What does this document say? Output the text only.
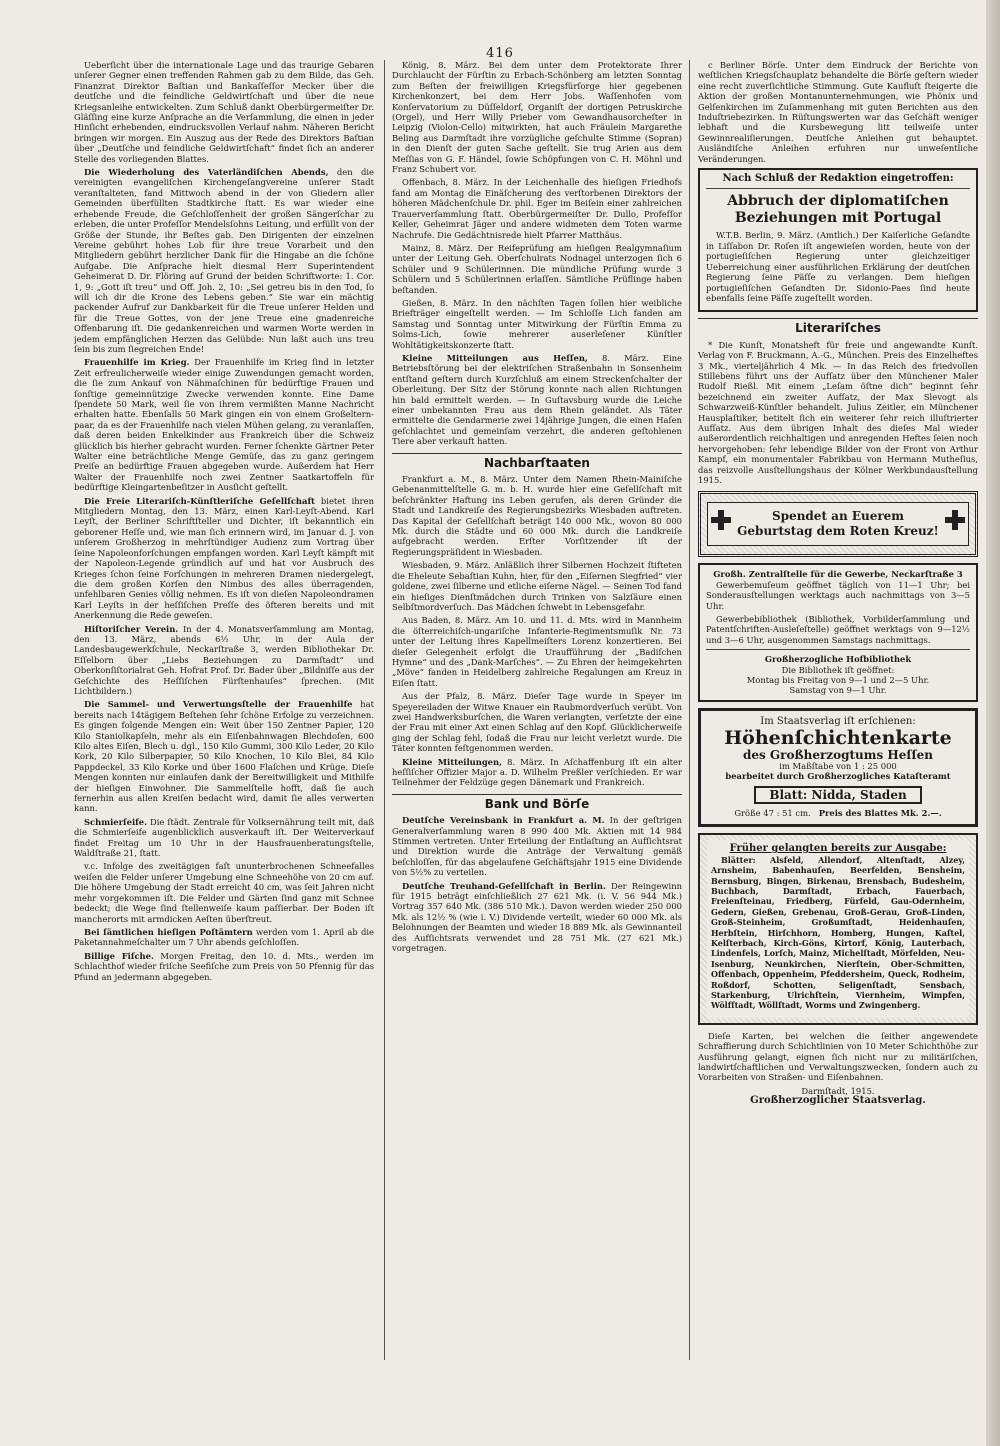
416

Ueberſicht über die internationale Lage und das traurige Gebaren unſerer Gegner einen treffenden Rahmen gab zu dem Bilde, das Geh. Finanzrat Direktor Baſtian und Bankaſſeſſor Mecker über die deutſche und die feindliche Geldwirtſchaft und über die neue Kriegsanleihe entwickelten. Zum Schluß dankt Oberbürgermeiſter Dr. Gläſſing eine kurze Anſprache an die Verſammlung, die einen in jeder Hinſicht erhebenden, eindrucksvollen Verlauf nahm. Näheren Bericht bringen wir morgen. Ein Auszug aus der Rede des Direktors Baſtian über „Deutſche und feindliche Geldwirtſchaft“ findet ſich an anderer Stelle des vorliegenden Blattes.

Die Wiederholung des Vaterländiſchen Abends, den die vereinigten evangeliſchen Kirchengeſangvereine unſerer Stadt veranſtalteten, fand Mittwoch abend in der von Gliedern aller Gemeinden überfüllten Stadtkirche ſtatt. Es war wieder eine erhebende Freude, die Geſchloſſenheit der großen Sängerſchar zu erleben, die unter Profeſſor Mendelsſohns Leitung, und erfüllt von der Größe der Stunde, ihr Beſtes gab. Den Dirigenten der einzelnen Vereine gebührt hohes Lob für ihre treue Vorarbeit und den Mitgliedern gebührt herzlicher Dank für die Hingabe an die ſchöne Aufgabe. Die Anſprache hielt diesmal Herr Superintendent Geheimerat D. Dr. Flöring auf Grund der beiden Schriftworte: 1. Cor. 1, 9: „Gott iſt treu“ und Off. Joh. 2, 10: „Sei getreu bis in den Tod, ſo will ich dir die Krone des Lebens geben.“ Sie war ein mächtig packender Aufruf zur Dankbarkeit für die Treue unſerer Helden und für die Treue Gottes, von der jene Treue eine gnadenreiche Offenbarung iſt. Die gedankenreichen und warmen Worte werden in jedem empfänglichen Herzen das Gelübde: Nun laßt auch uns treu ſein bis zum ſiegreichen Ende!

Frauenhilfe im Krieg. Der Frauenhilfe im Krieg ſind in letzter Zeit erfreulicherweiſe wieder einige Zuwendungen gemacht worden, die ſie zum Ankauf von Nähmaſchinen für bedürftige Frauen und ſonſtige gemeinnützige Zwecke verwenden konnte. Eine Dame ſpendete 50 Mark, weil ſie von ihrem vermißten Manne Nachricht erhalten hatte. Ebenſalls 50 Mark gingen ein von einem Großelternpaar, da es der Frauenhilfe nach vielen Mühen gelang, zu veranlaſſen, daß deren beiden Enkelkinder aus Frankreich über die Schweiz glücklich bis hierher gebracht wurden. Ferner ſchenkte Gärtner Peter Walter eine beträchtliche Menge Gemüſe, das zu ganz geringem Preiſe an bedürftige Frauen abgegeben wurde. Außerdem hat Herr Walter der Frauenhilfe noch zwei Zentner Saatkartoffeln für bedürftige Kleingartenbeſitzer in Ausſicht geſtellt.

Die Freie Literariſch-Künſtleriſche Geſellſchaft bietet ihren Mitgliedern Montag, den 13. März, einen Karl-Leyſt-Abend. Karl Leyſt, der Berliner Schriftſteller und Dichter, iſt bekanntlich ein geborener Heſſe und, wie man ſich erinnern wird, im Januar d. J. von unſerem Großherzog in mehrſtündiger Audienz zum Vortrag über ſeine Napoleonforſchungen empfangen worden. Karl Leyſt kämpft mit der Napoleon-Legende gründlich auf und hat vor Ausbruch des Krieges ſchon ſeine Forſchungen in mehreren Dramen niedergelegt, die dem großen Korſen den Nimbus des alles überragenden, unfehlbaren Genies völlig nehmen. Es iſt von dieſen Napoleondramen Karl Leyſts in der heſſiſchen Preſſe des öfteren bereits und mit Anerkennung die Rede geweſen.

Hiſtoriſcher Verein. In der 4. Monatsverſammlung am Montag, den 13. März, abends 6½ Uhr, in der Aula der Landesbaugewerkſchule, Neckarſtraße 3, werden Bibliothekar Dr. Eſſelborn über „Liebs Beziehungen zu Darmſtadt“ und Oberkonſiſtorialrat Geh. Hofrat Prof. Dr. Bader über „Bildniſſe aus der Geſchichte des Heſſiſchen Fürſtenhauſes“ ſprechen. (Mit Lichtbildern.)

Die Sammel- und Verwertungsſtelle der Frauenhilfe hat bereits nach 14tägigem Beſtehen ſehr ſchöne Erfolge zu verzeichnen. Es gingen folgende Mengen ein: Weit über 150 Zentner Papier, 120 Kilo Staniolkapſeln, mehr als ein Eiſenbahnwagen Blechdoſen, 600 Kilo altes Eiſen, Blech u. dgl., 150 Kilo Gummi, 300 Kilo Leder, 20 Kilo Kork, 20 Kilo Silberpapier, 50 Kilo Knochen, 10 Kilo Blei, 84 Kilo Pappdeckel, 33 Kilo Korke und über 1600 Flaſchen und Krüge. Dieſe Mengen konnten nur einlaufen dank der Bereitwilligkeit und Mithilfe der hieſigen Einwohner. Die Sammelſtelle hofft, daß ſie auch fernerhin aus allen Kreiſen bedacht wird, damit ſie alles verwerten kann.

Schmierſeife. Die ſtädt. Zentrale für Volksernährung teilt mit, daß die Schmierſeife augenblicklich ausverkauft iſt. Der Weiterverkauf findet Freitag um 10 Uhr in der Hausfrauenberatungsſtelle, Waldſtraße 21, ſtatt.

v.c. Infolge des zweitägigen faſt ununterbrochenen Schneefalles weiſen die Felder unſerer Umgebung eine Schneehöhe von 20 cm auf. Die höhere Umgebung der Stadt erreicht 40 cm, was ſeit Jahren nicht mehr vorgekommen iſt. Die Felder und Gärten ſind ganz mit Schnee bedeckt; die Wege ſind ſtellenweiſe kaum paſſierbar. Der Boden iſt mancherorts mit armdicken Aeſten überſtreut.

Bei ſämtlichen hieſigen Poſtämtern werden vom 1. April ab die Paketannahmeſchalter um 7 Uhr abends geſchloſſen.

Billige Fiſche. Morgen Freitag, den 10. d. Mts., werden im Schlachthof wieder friſche Seefiſche zum Preis von 50 Pfennig für das Pfund an jedermann abgegeben.

König, 8. März. Bei dem unter dem Protektorate Ihrer Durchlaucht der Fürſtin zu Erbach-Schönberg am letzten Sonntag zum Beſten der freiwilligen Kriegsfürſorge hier gegebenen Kirchenkonzert, bei dem Herr Jobs. Waſſenhofen vom Konſervatorium zu Düſſeldorf, Organiſt der dortigen Petruskirche (Orgel), und Herr Willy Prieber vom Gewandhausorcheſter in Leipzig (Violon-Cello) mitwirkten, hat auch Fräulein Margarethe Beling aus Darmſtadt ihre vorzügliche geſchulte Stimme (Sopran) in den Dienſt der guten Sache geſtellt. Sie trug Arien aus dem Meſſias von G. F. Händel, ſowie Schöpfungen von C. H. Möhnl und Franz Schubert vor.

Offenbach, 8. März. In der Leichenhalle des hieſigen Friedhofs fand am Montag die Einäſcherung des verſtorbenen Direktors der höheren Mädchenſchule Dr. phil. Eger im Beiſein einer zahlreichen Trauerverſammlung ſtatt. Oberbürgermeiſter Dr. Dullo, Profeſſor Keller, Geheimrat Jäger und andere widmeten dem Toten warme Nachrufe. Die Gedächtnisrede hielt Pfarrer Matthäus.

Mainz, 8. März. Der Reifeprüfung am hieſigen Realgymnaſium unter der Leitung Geh. Oberſchulrats Nodnagel unterzogen ſich 6 Schüler und 9 Schülerinnen. Die mündliche Prüfung wurde 3 Schülern und 5 Schülerinnen erlaſſen. Sämtliche Prüflinge haben beſtanden.

Gießen, 8. März. In den nächſten Tagen ſollen hier weibliche Briefträger eingeſtellt werden. — Im Schloſſe Lich fanden am Samstag und Sonntag unter Mitwirkung der Fürſtin Emma zu Solms-Lich, ſowie mehrerer auserleſener Künſtler Wohltätigkeitskonzerte ſtatt.

Kleine Mitteilungen aus Heſſen, 8. März. Eine Betriebsſtörung bei der elektriſchen Straßenbahn in Sonsenheim entſtand geſtern durch Kurzſchluß am einem Streckenſchalter der Oberleitung. Der Sitz der Störung konnte nach allen Richtungen hin bald ermittelt werden. — In Guſtavsburg wurde die Leiche einer unbekannten Frau aus dem Rhein geländet. Als Täter ermittelte die Gendarmerie zwei 14jährige Jungen, die einen Haſen geſchlachtet und gemeinſam verzehrt, die anderen geſtohlenen Tiere aber verkauft hatten.

Nachbarſtaaten

Frankfurt a. M., 8. März. Unter dem Namen Rhein-Mainiſche Gebenanmittelſtelle G. m. b. H. wurde hier eine Geſellſchaft mit beſchränkter Haftung ins Leben gerufen, als deren Gründer die Stadt und Landkreiſe des Regierungsbezirks Wiesbaden auftreten. Das Kapital der Geſellſchaft beträgt 140 000 Mk., wovon 80 000 Mk. durch die Städte und 60 000 Mk. durch die Landkreiſe aufgebracht werden. Erſter Vorſitzender iſt der Regierungspräſident in Wiesbaden.

Wiesbaden, 9. März. Anläßlich ihrer Silbernen Hochzeit ſtifteten die Eheleute Sebaſtian Kuhn, hier, für den „Eiſernen Siegfried“ vier goldene, zwei ſilberne und etliche eiſerne Nägel. — Seinen Tod fand ein hieſiges Dienſtmädchen durch Trinken von Salzſäure einen Selbſtmordverſuch. Das Mädchen ſchwebt in Lebensgefahr.

Aus Baden, 8. März. Am 10. und 11. d. Mts. wird in Mannheim die öſterreichiſch-ungariſche Infanterie-Regimentsmuſik Nr. 73 unter der Leitung ihres Kapellmeiſters Lorenz konzertieren. Bei dieſer Gelegenheit erfolgt die Uraufführung der „Badiſchen Hymne“ und des „Dank-Marſches“. — Zu Ehren der heimgekehrten „Möve“ fanden in Heidelberg zahlreiche Regalungen am Kreuz in Eiſen ſtatt.

Aus der Pfalz, 8. März. Dieſer Tage wurde in Speyer im Speyereiladen der Witwe Knauer ein Raubmordverſuch verübt. Von zwei Handwerksburſchen, die Waren verlangten, verſetzte der eine der Frau mit einer Axt einen Schlag auf den Kopf. Glücklicherweiſe ging der Schlag fehl, ſodaß die Frau nur leicht verletzt wurde. Die Täter konnten feſtgenommen werden.

Kleine Mitteilungen, 8. März. In Aſchaffenburg iſt ein alter heſſiſcher Offizier Major a. D. Wilhelm Preßler verſchieden. Er war Teilnehmer der Feldzüge gegen Dänemark und Frankreich.

Bank und Börſe

Deutſche Vereinsbank in Frankfurt a. M. In der geſtrigen Generalverſammlung waren 8 990 400 Mk. Aktien mit 14 984 Stimmen vertreten. Unter Erteilung der Entlaſtung an Aufſichtsrat und Direktion wurde die Anträge der Verwaltung gemäß beſchloſſen, für das abgelaufene Geſchäftsjahr 1915 eine Dividende von 5½% zu verteilen.

Deutſche Treuhand-Geſellſchaft in Berlin. Der Reingewinn für 1915 beträgt einſchließlich 27 621 Mk. (i. V. 56 944 Mk.) Vortrag 357 640 Mk. (386 510 Mk.). Davon werden wieder 250 000 Mk. als 12½ % (wie i. V.) Dividende verteilt, wieder 60 000 Mk. als Belohnungen der Beamten und wieder 18 889 Mk. als Gewinnanteil des Aufſichtsrats verwendet und 28 751 Mk. (27 621 Mk.) vorgetragen.

c Berliner Börſe. Unter dem Eindruck der Berichte von weſtlichen Kriegsſchauplatz behandelte die Börſe geſtern wieder eine recht zuverſichtliche Stimmung. Gute Kaufluſt ſteigerte die Aktion der großen Montanunternehmungen, wie Phönix und Gelſenkirchen im Zuſammenhang mit guten Berichten aus den Induſtriebezirken. In Rüſtungswerten war das Geſchäft weniger lebhaft und die Kursbewegung litt teilweiſe unter Gewinnrealiſierungen. Deutſche Anleihen gut behauptet. Ausländiſche Anleihen erfuhren nur unweſentliche Veränderungen.

Nach Schluß der Redaktion eingetroffen:
Abbruch der diplomatiſchen Beziehungen mit Portugal

W.T.B. Berlin, 9. März. (Amtlich.) Der Kaiſerliche Geſandte in Liſſabon Dr. Roſen iſt angewieſen worden, heute von der portugieſiſchen Regierung unter gleichzeitiger Ueberreichung einer ausführlichen Erklärung der deutſchen Regierung ſeine Päſſe zu verlangen. Dem hieſigen portugieſiſchen Geſandten Dr. Sidonio-Paes ſind heute ebenfalls ſeine Päſſe zugeſtellt worden.

Literariſches

* Die Kunſt, Monatsheft für freie und angewandte Kunſt. Verlag von F. Bruckmann, A.-G., München. Preis des Einzelheftes 3 Mk., vierteljährlich 4 Mk. — In das Reich des friedvollen Stillebens führt uns der Aufſatz über den Münchener Maler Rudolf Rießl. Mit einem „Leſam öſtne dich“ beginnt ſehr bezeichnend ein zweiter Aufſatz, der Max Slevogt als Schwarzweiß-Künſtler behandelt. Julius Zeitler, ein Münchener Hausplaſtiker, betitelt ſich ein weiterer ſehr reich illuſtrierter Aufſatz. Aus dem übrigen Inhalt des dieſes Mal wieder außerordentlich reichhaltigen und anregenden Heftes ſeien noch hervorgehoben: ſehr lebendige Bilder von der Front von Arthur Kampf, ein monumentaler Fabrikbau von Hermann Mutheſius, das reizvolle Ausſtellungshaus der Kölner Werkbundausſtellung 1915.

Spendet an Euerem Geburtstag dem Roten Kreuz!
Großh. Zentralſtelle für die Gewerbe, Neckarſtraße 3

Gewerbemuſeum geöffnet täglich von 11—1 Uhr; bei Sonderausſtellungen werktags auch nachmittags von 3—5 Uhr.

Gewerbebibliothek (Bibliothek, Vorbilderſammlung und Patentſchriften-Ausleſeſtelle) geöffnet werktags von 9—12½ und 3—6 Uhr, ausgenommen Samstags nachmittags.

Großherzogliche Hofbibliothek
Die Bibliothek iſt geöffnet:
Montag bis Freitag von 9—1 und 2—5 Uhr.
Samstag von 9—1 Uhr.
Im Staatsverlag iſt erſchienen:
Höhenſchichtenkarte
des Großherzogtums Heſſen
im Maßſtabe von 1 : 25 000
bearbeitet durch Großherzogliches Kataſteramt
Blatt: Nidda, Staden
Größe 47 : 51 cm. Preis des Blattes Mk. 2.—.
Früher gelangten bereits zur Ausgabe:

Blätter: Alsfeld, Allendorf, Altenſtadt, Alzey, Arnsheim, Babenhauſen, Beerfelden, Bensheim, Bernsburg, Bingen, Birkenau, Brensbach, Budesheim, Buchbach, Darmſtadt, Erbach, Fauerbach, Freienſteinau, Friedberg, Fürfeld, Gau-Odernheim, Gedern, Gießen, Grebenau, Groß-Gerau, Groß-Linden, Groß-Steinheim, Großumſtadt, Heidenhauſen, Herbſtein, Hirſchhorn, Homberg, Hungen, Kaſtel, Kelſterbach, Kirch-Göns, Kirtorf, König, Lauterbach, Lindenfels, Lorſch, Mainz, Michelſtadt, Mörfelden, Neu-Isenburg, Neunkirchen, Nierſtein, Ober-Schmitten, Offenbach, Oppenheim, Pfeddersheim, Queck, Rodheim, Roßdorf, Schotten, Seligenſtadt, Sensbach, Starkenburg, Ulrichſtein, Viernheim, Wimpfen, Wölfſtadt, Wöllſtadt, Worms und Zwingenberg.

Dieſe Karten, bei welchen die ſeither angewendete Schraffierung durch Schichtlinien von 10 Meter Schichthöhe zur Ausführung gelangt, eignen ſich nicht nur zu militäriſchen, landwirtſchaftlichen und Verwaltungszwecken, ſondern auch zu Vorarbeiten von Straßen- und Eiſenbahnen.

Darmſtadt, 1915.
Großherzoglicher Staatsverlag.
